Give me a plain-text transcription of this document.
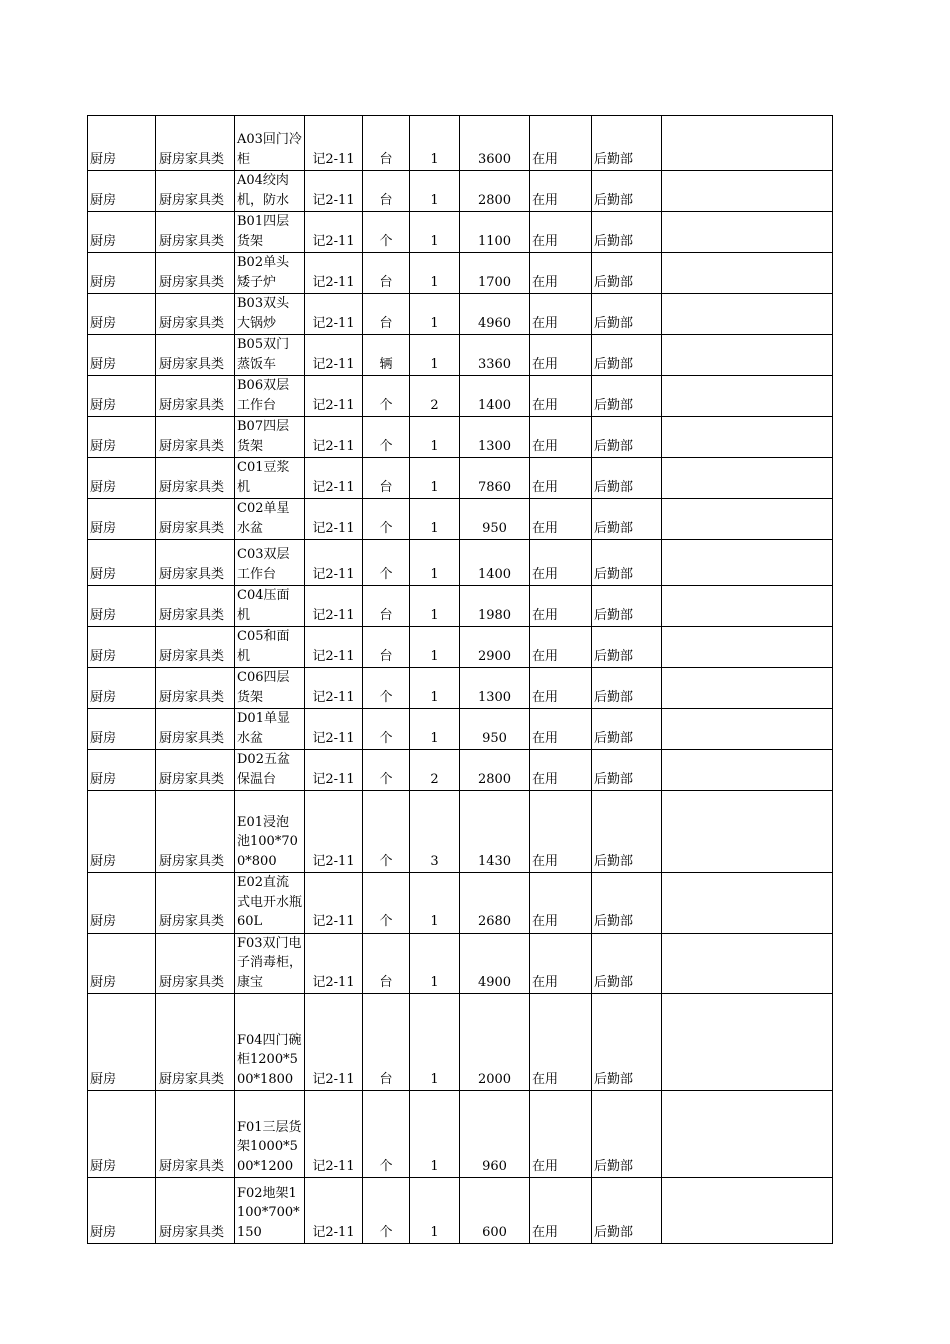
厨房	厨房家具类	A03回门冷柜	记2-11	台	1	3600	在用	后勤部	
厨房	厨房家具类	A04绞肉机，防水	记2-11	台	1	2800	在用	后勤部	
厨房	厨房家具类	B01四层货架	记2-11	个	1	1100	在用	后勤部	
厨房	厨房家具类	B02单头矮子炉	记2-11	台	1	1700	在用	后勤部	
厨房	厨房家具类	B03双头大锅炒	记2-11	台	1	4960	在用	后勤部	
厨房	厨房家具类	B05双门蒸饭车	记2-11	辆	1	3360	在用	后勤部	
厨房	厨房家具类	B06双层工作台	记2-11	个	2	1400	在用	后勤部	
厨房	厨房家具类	B07四层货架	记2-11	个	1	1300	在用	后勤部	
厨房	厨房家具类	C01豆浆机	记2-11	台	1	7860	在用	后勤部	
厨房	厨房家具类	C02单星水盆	记2-11	个	1	950	在用	后勤部	
厨房	厨房家具类	C03双层工作台	记2-11	个	1	1400	在用	后勤部	
厨房	厨房家具类	C04压面机	记2-11	台	1	1980	在用	后勤部	
厨房	厨房家具类	C05和面机	记2-11	台	1	2900	在用	后勤部	
厨房	厨房家具类	C06四层货架	记2-11	个	1	1300	在用	后勤部	
厨房	厨房家具类	D01单显水盆	记2-11	个	1	950	在用	后勤部	
厨房	厨房家具类	D02五盆保温台	记2-11	个	2	2800	在用	后勤部	
厨房	厨房家具类	E01浸泡池100*700*800	记2-11	个	3	1430	在用	后勤部	
厨房	厨房家具类	E02直流式电开水瓶60L	记2-11	个	1	2680	在用	后勤部	
厨房	厨房家具类	F03双门电子消毒柜，康宝	记2-11	台	1	4900	在用	后勤部	
厨房	厨房家具类	F04四门碗柜1200*500*1800	记2-11	台	1	2000	在用	后勤部	
厨房	厨房家具类	F01三层货架1000*500*1200	记2-11	个	1	960	在用	后勤部	
厨房	厨房家具类	F02地架1100*700*150	记2-11	个	1	600	在用	后勤部	
